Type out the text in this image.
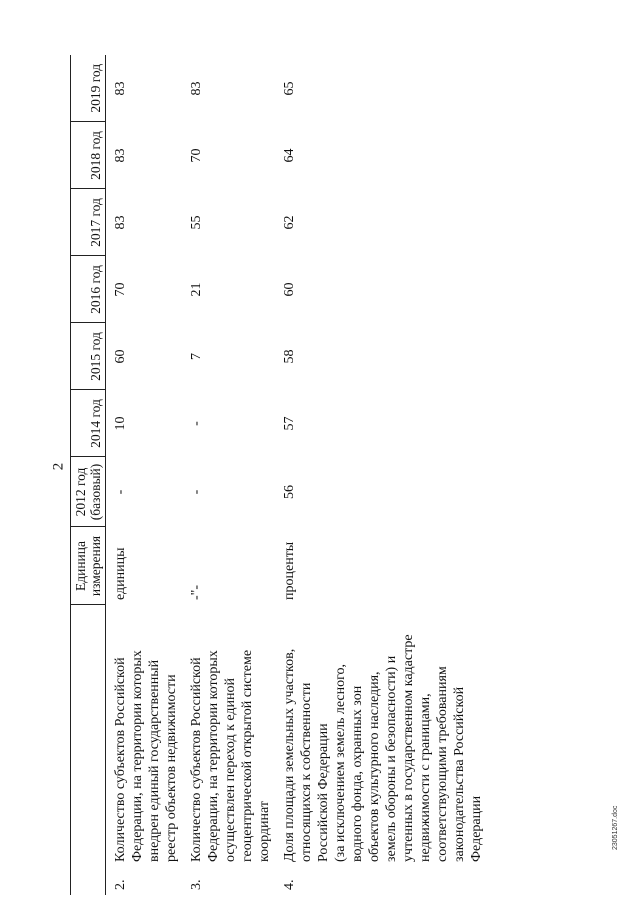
2
	Единица измерения	2012 год (базовый)	2014 год	2015 год	2016 год	2017 год	2018 год	2019 год
2.Количество субъектов Российской Федерации, на территории которых внедрен единый государственный реестр объектов недвижимости	единицы	-	10	60	70	83	83	83
3.Количество субъектов Российской Федерации, на территории которых осуществлен переход к единой геоцентрической открытой системе координат	-"-	-	-	7	21	55	70	83
4.Доля площади земельных участков, относящихся к собственности Российской Федерации
(за исключением земель лесного, водного фонда, охранных зон объектов культурного наследия, земель обороны и безопасности) и учтенных в государственном кадастре недвижимости с границами, соответствующими требованиям законодательства Российской Федерации	проценты	56	57	58	60	62	64	65
23051267.doc
